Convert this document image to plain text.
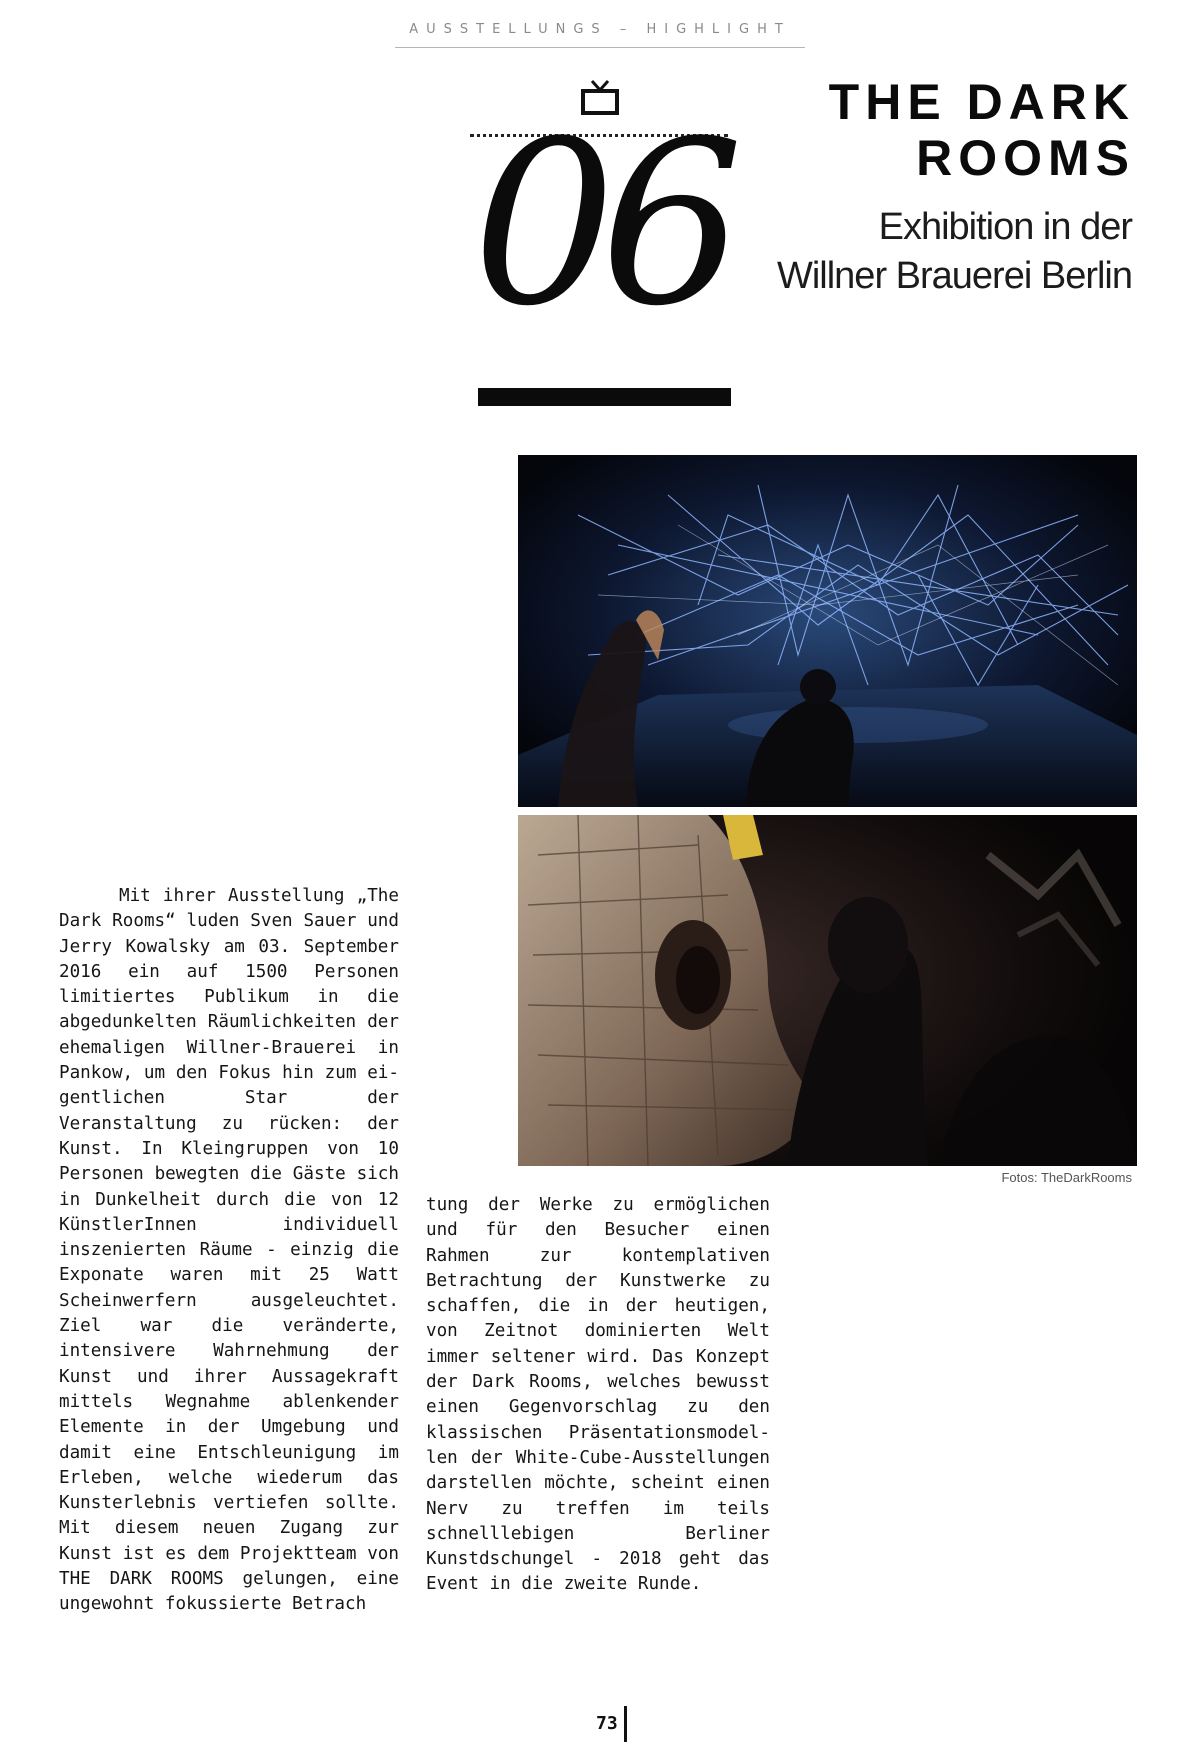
AUSSTELLUNGS – HIGHLIGHT
06	THE DARK
ROOMS
Exhibition in der
Willner Brauerei Berlin
Fotos: TheDarkRooms
Mit ihrer Ausstellung „The Dark Rooms“ luden Sven Sauer und Jerry Kowalsky am 03. September 2016 ein auf 1500 Personen limitiertes Publikum in die abgedunkelten Räumlichkeiten der ehemaligen Willner-Brauerei in Pankow, um den Fokus hin zum eigentlichen Star der Veranstaltung zu rücken: der Kunst. In Kleingruppen von 10 Personen bewegten die Gäste sich in Dunkelheit durch die von 12 KünstlerInnen individuell inszenierten Räume - einzig die Exponate waren mit 25 Watt Scheinwerfern ausgeleuchtet. Ziel war die veränderte, intensivere Wahrnehmung der Kunst und ihrer Aussagekraft mittels Wegnahme ablenkender Elemente in der Umgebung und damit eine Entschleunigung im Erleben, welche wiederum das Kunsterlebnis vertiefen sollte. Mit diesem neuen Zugang zur Kunst ist es dem Projektteam von THE DARK ROOMS gelungen, eine ungewohnt fokussierte Betrach
tung der Werke zu ermöglichen und für den Besucher einen Rahmen zur kontemplativen Betrachtung der Kunstwerke zu schaffen, die in der heutigen, von Zeitnot dominierten Welt immer seltener wird. Das Konzept der Dark Rooms, welches bewusst einen Gegenvorschlag zu den klassischen Präsentationsmodellen der White-Cube-Ausstellungen darstellen möchte, scheint einen Nerv zu treffen im teils schnelllebigen Berliner Kunstdschungel - 2018 geht das Event in die zweite Runde.
73
